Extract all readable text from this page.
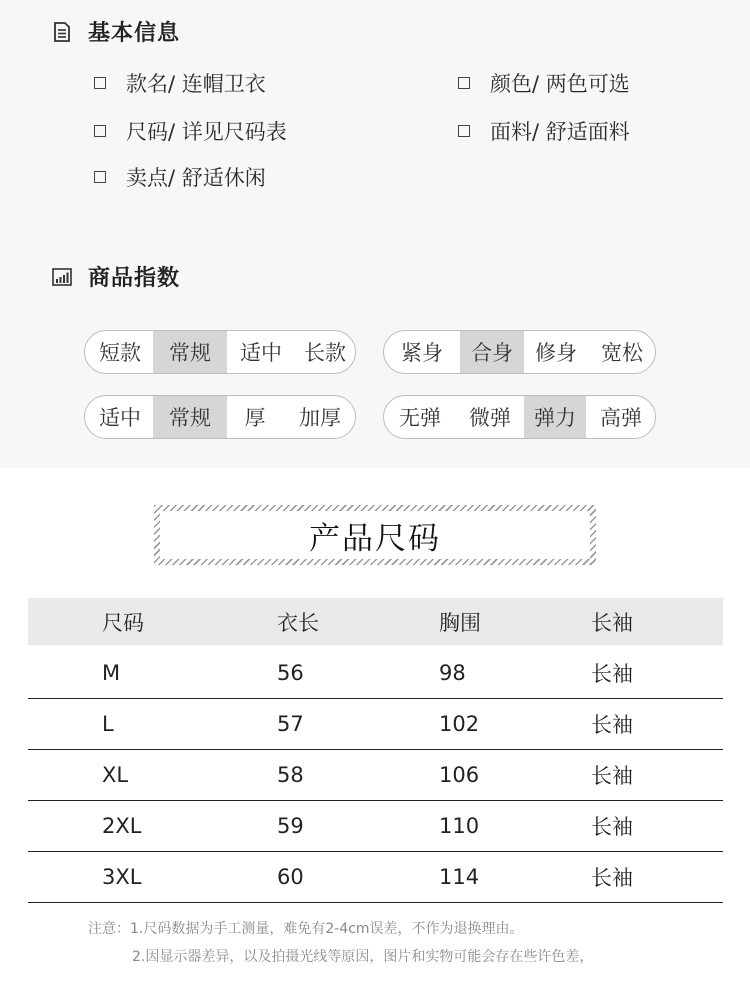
基本信息
款名/ 连帽卫衣	颜色/ 两色可选
尺码/ 详见尺码表	面料/ 舒适面料
卖点/ 舒适休闲
商品指数
短款	常规	适中	长款	紧身	合身	修身	宽松
适中	常规	厚	加厚	无弹	微弹	弹力	高弹
产品尺码
尺码	衣长	胸围	长袖
M	56	98	长袖
L	57	102	长袖
XL	58	106	长袖
2XL	59	110	长袖
3XL	60	114	长袖
注意：1.尺码数据为手工测量，难免有2-4cm误差，不作为退换理由。
2.因显示器差异，以及拍摄光线等原因，图片和实物可能会存在些许色差，
